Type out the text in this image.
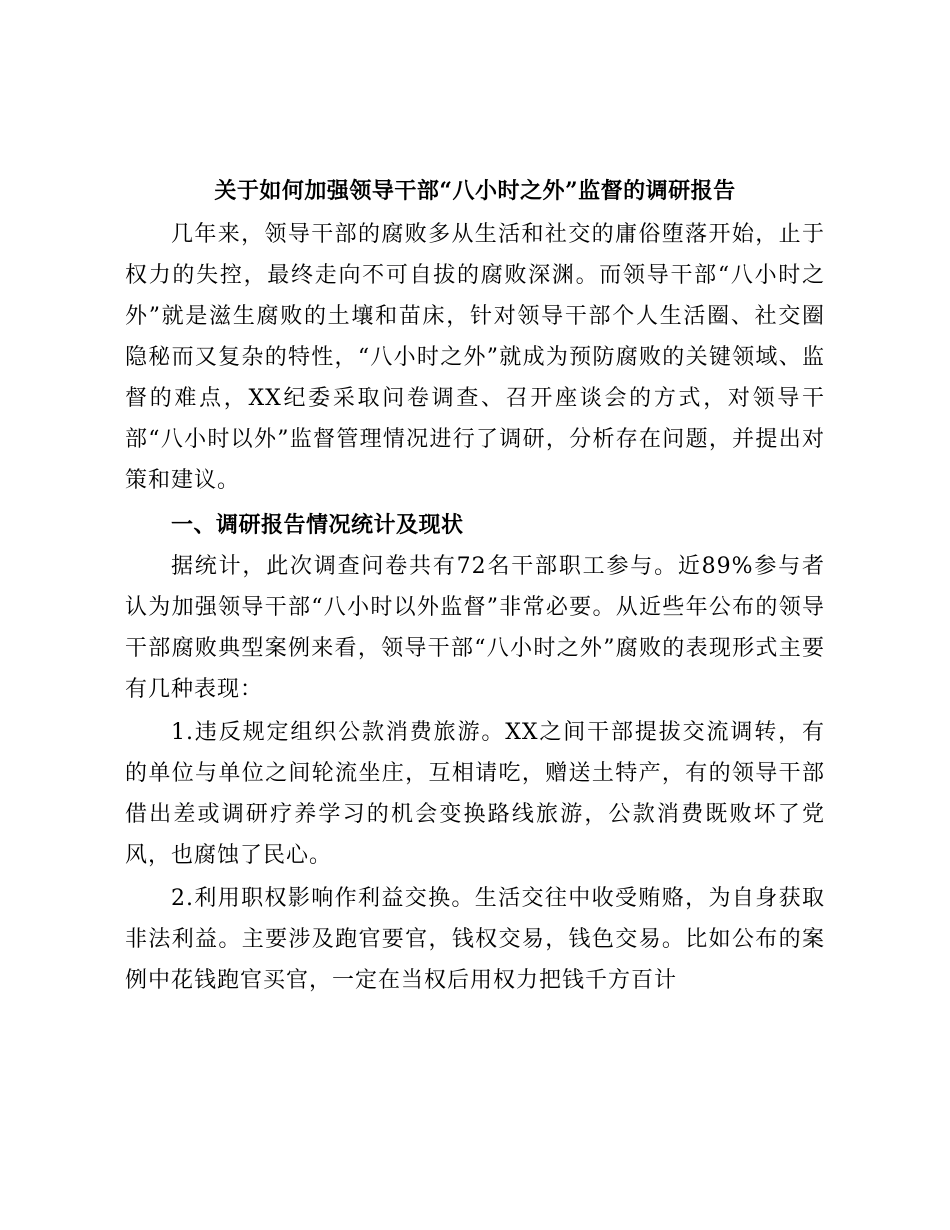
关于如何加强领导干部“八小时之外”监督的调研报告

几年来，领导干部的腐败多从生活和社交的庸俗堕落开始，止于权力的失控，最终走向不可自拔的腐败深渊。而领导干部“八小时之外”就是滋生腐败的土壤和苗床，针对领导干部个人生活圈、社交圈隐秘而又复杂的特性，“八小时之外”就成为预防腐败的关键领域、监督的难点，XX纪委采取问卷调查、召开座谈会的方式，对领导干部“八小时以外”监督管理情况进行了调研，分析存在问题，并提出对策和建议。

一、调研报告情况统计及现状

据统计，此次调查问卷共有72名干部职工参与。近89%参与者认为加强领导干部“八小时以外监督”非常必要。从近些年公布的领导干部腐败典型案例来看，领导干部“八小时之外”腐败的表现形式主要有几种表现：

1.违反规定组织公款消费旅游。XX之间干部提拔交流调转，有的单位与单位之间轮流坐庄，互相请吃，赠送土特产，有的领导干部借出差或调研疗养学习的机会变换路线旅游，公款消费既败坏了党风，也腐蚀了民心。

2.利用职权影响作利益交换。生活交往中收受贿赂，为自身获取非法利益。主要涉及跑官要官，钱权交易，钱色交易。比如公布的案例中花钱跑官买官，一定在当权后用权力把钱千方百计
